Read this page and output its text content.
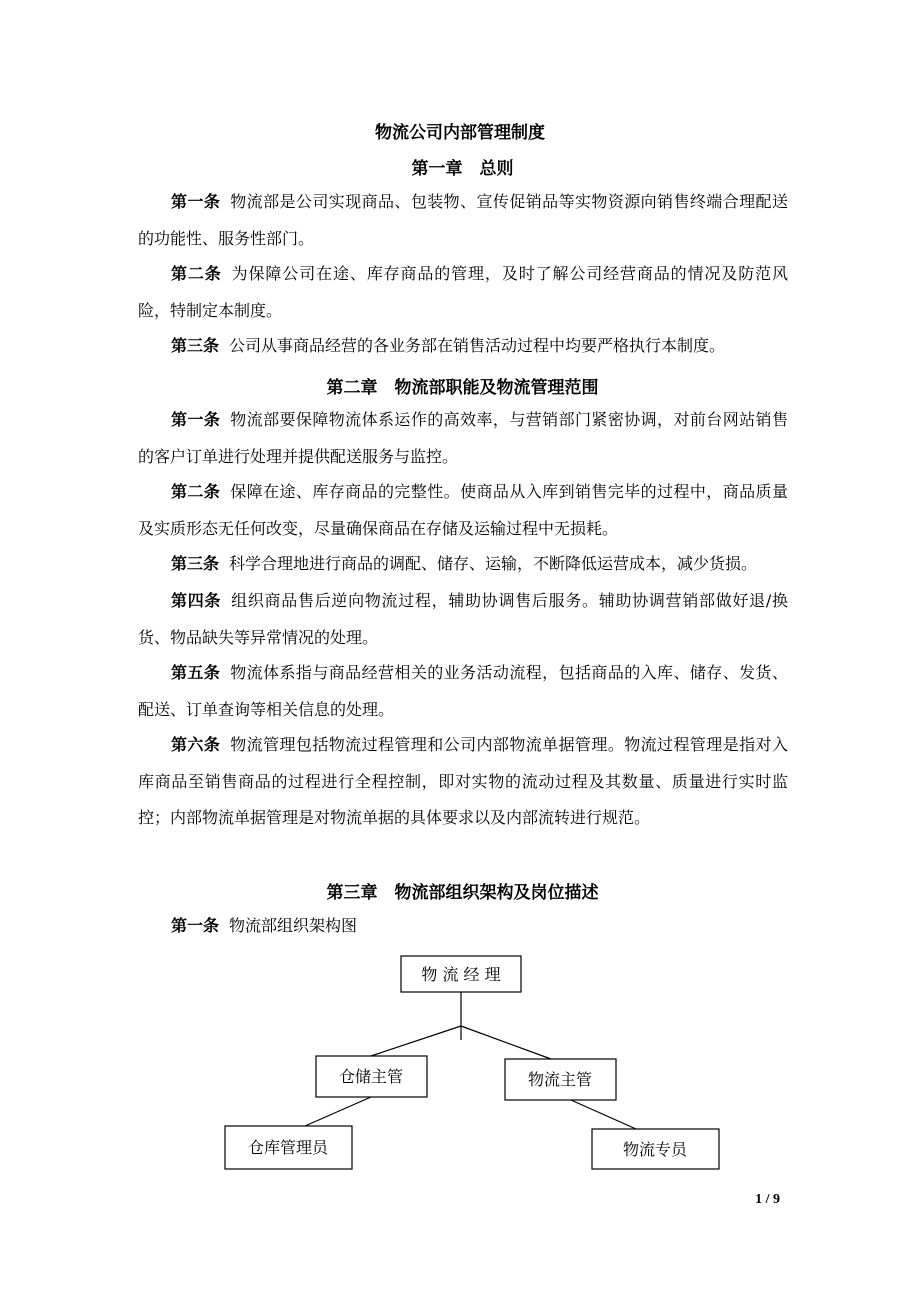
物流公司内部管理制度
第一章　总则
第一条 物流部是公司实现商品、包装物、宣传促销品等实物资源向销售终端合理配送的功能性、服务性部门。
第二条 为保障公司在途、库存商品的管理，及时了解公司经营商品的情况及防范风险，特制定本制度。
第三条 公司从事商品经营的各业务部在销售活动过程中均要严格执行本制度。
第二章　物流部职能及物流管理范围
第一条 物流部要保障物流体系运作的高效率，与营销部门紧密协调，对前台网站销售的客户订单进行处理并提供配送服务与监控。
第二条 保障在途、库存商品的完整性。使商品从入库到销售完毕的过程中，商品质量及实质形态无任何改变，尽量确保商品在存储及运输过程中无损耗。
第三条 科学合理地进行商品的调配、储存、运输，不断降低运营成本，减少货损。
第四条 组织商品售后逆向物流过程，辅助协调售后服务。辅助协调营销部做好退/换货、物品缺失等异常情况的处理。
第五条 物流体系指与商品经营相关的业务活动流程，包括商品的入库、储存、发货、配送、订单查询等相关信息的处理。
第六条 物流管理包括物流过程管理和公司内部物流单据管理。物流过程管理是指对入库商品至销售商品的过程进行全程控制，即对实物的流动过程及其数量、质量进行实时监控；内部物流单据管理是对物流单据的具体要求以及内部流转进行规范。
第三章　物流部组织架构及岗位描述
第一条 物流部组织架构图
物 流 经 理
仓储主管	物流主管
仓库管理员	物流专员
1 / 9
